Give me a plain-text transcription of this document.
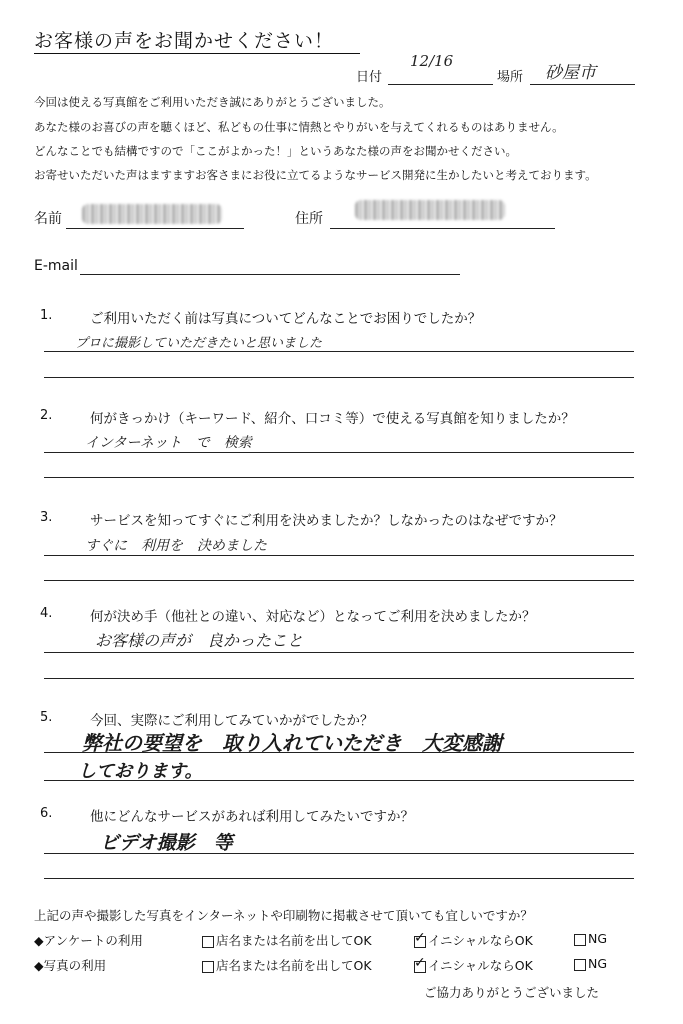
お客様の声をお聞かせください！
日付
12/16
場所 砂屋市
今回は使える写真館をご利用いただき誠にありがとうございました。
あなた様のお喜びの声を聴くほど、私どもの仕事に情熱とやりがいを与えてくれるものはありません。
どんなことでも結構ですので「ここがよかった！」というあなた様の声をお聞かせください。
お寄せいただいた声はますますお客さまにお役に立てるようなサービス開発に生かしたいと考えております。
名前	住所
E-mail
1.	ご利用いただく前は写真についてどんなことでお困りでしたか？
プロに撮影していただきたいと思いました
2.	何がきっかけ（キーワード、紹介、口コミ等）で使える写真館を知りましたか？
インターネット　で　検索
3.	サービスを知ってすぐにご利用を決めましたか？しなかったのはなぜですか？
すぐに　利用を　決めました
4.	何が決め手（他社との違い、対応など）となってご利用を決めましたか？
お客様の声が　良かったこと
5.	今回、実際にご利用してみていかがでしたか？
弊社の要望を　取り入れていただき　大変感謝
しております。
6.	他にどんなサービスがあれば利用してみたいですか？
ビデオ撮影　等
上記の声や撮影した写真をインターネットや印刷物に掲載させて頂いても宜しいですか？
◆アンケートの利用	店名または名前を出してOK ✓	イニシャルならOK	NG
◆写真の利用	店名または名前を出してOK ✓	イニシャルならOK	NG
ご協力ありがとうございました
